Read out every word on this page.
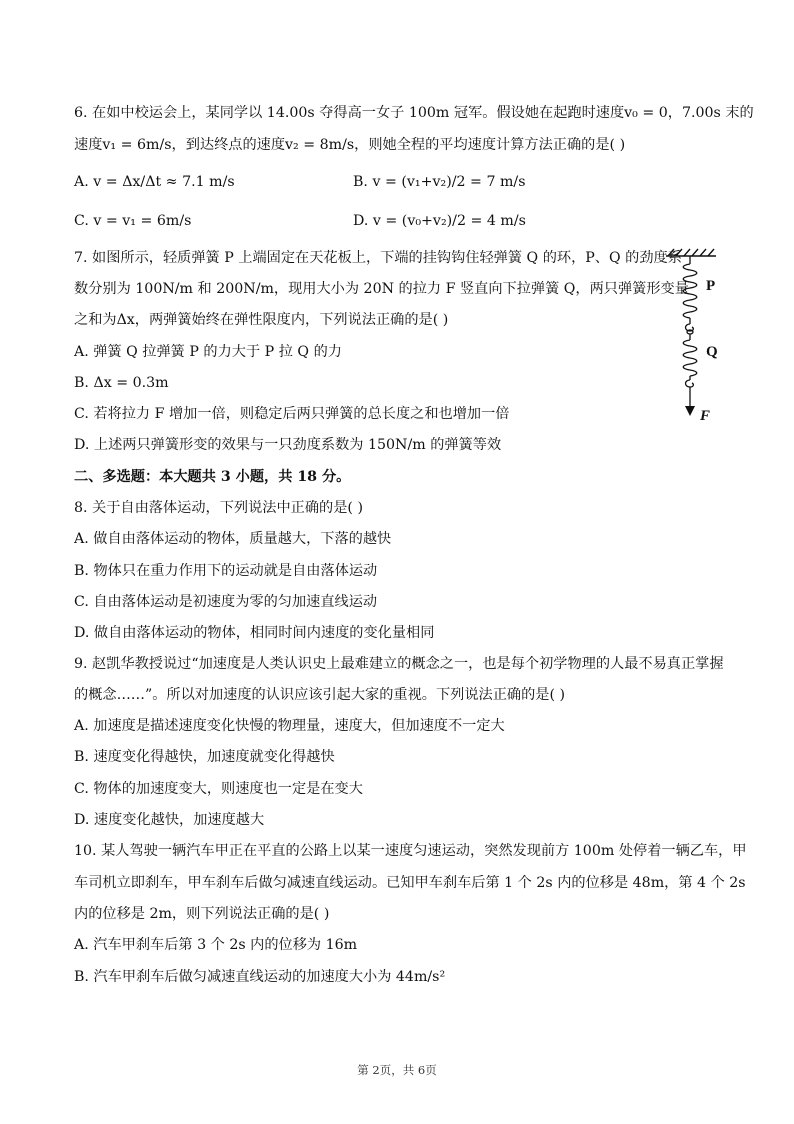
6. 在如中校运会上，某同学以 14.00s 夺得高一女子 100m 冠军。假设她在起跑时速度v₀ = 0，7.00s 末的
速度v₁ = 6m/s，到达终点的速度v₂ = 8m/s，则她全程的平均速度计算方法正确的是( )
A. v = Δx/Δt ≈ 7.1 m/s	B. v = (v₁+v₂)/2 = 7 m/s
C. v = v₁ = 6m/s	D. v = (v₀+v₂)/2 = 4 m/s
7. 如图所示，轻质弹簧 P 上端固定在天花板上，下端的挂钩钩住轻弹簧 Q 的环，P、Q 的劲度系
数分别为 100N/m 和 200N/m，现用大小为 20N 的拉力 F 竖直向下拉弹簧 Q，两只弹簧形变量
之和为Δx，两弹簧始终在弹性限度内，下列说法正确的是( )
A. 弹簧 Q 拉弹簧 P 的力大于 P 拉 Q 的力
B. Δx = 0.3m
C. 若将拉力 F 增加一倍，则稳定后两只弹簧的总长度之和也增加一倍
D. 上述两只弹簧形变的效果与一只劲度系数为 150N/m 的弹簧等效
P
Q
F
二、多选题：本大题共 3 小题，共 18 分。
8. 关于自由落体运动，下列说法中正确的是( )
A. 做自由落体运动的物体，质量越大，下落的越快
B. 物体只在重力作用下的运动就是自由落体运动
C. 自由落体运动是初速度为零的匀加速直线运动
D. 做自由落体运动的物体，相同时间内速度的变化量相同
9. 赵凯华教授说过“加速度是人类认识史上最难建立的概念之一，也是每个初学物理的人最不易真正掌握
的概念……”。所以对加速度的认识应该引起大家的重视。下列说法正确的是( )
A. 加速度是描述速度变化快慢的物理量，速度大，但加速度不一定大
B. 速度变化得越快，加速度就变化得越快
C. 物体的加速度变大，则速度也一定是在变大
D. 速度变化越快，加速度越大
10. 某人驾驶一辆汽车甲正在平直的公路上以某一速度匀速运动，突然发现前方 100m 处停着一辆乙车，甲
车司机立即刹车，甲车刹车后做匀减速直线运动。已知甲车刹车后第 1 个 2s 内的位移是 48m，第 4 个 2s
内的位移是 2m，则下列说法正确的是( )
A. 汽车甲刹车后第 3 个 2s 内的位移为 16m
B. 汽车甲刹车后做匀减速直线运动的加速度大小为 44m/s²
第 2页，共 6页
